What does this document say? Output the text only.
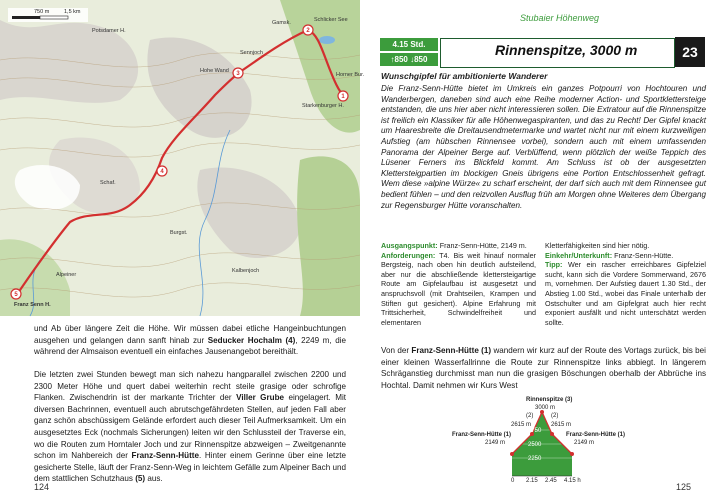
750 m	1,5 km
Gamsk.	Schlicker See
Potsdamer H.
Horner Bur.
Starkenburger H.
Hohe Wand
Sennjoch
Burgst.
Alpeiner
Kalbenjoch
Schaf.
Franz Senn H.
1
2
3
4
5
und Ab über längere Zeit die Höhe. Wir müssen dabei etliche Hangeinbuchtungen ausgehen und gelangen dann sanft hinab zur Seducker Hochalm (4), 2249 m, die während der Almsaison eventuell ein einfaches Jausenangebot bereithält.
Die letzten zwei Stunden bewegt man sich nahezu hangparallel zwischen 2200 und 2300 Meter Höhe und quert dabei weiterhin recht steile grasige oder schrofige Flanken. Zwischendrin ist der markante Trichter der Viller Grube eingelagert. Mit diversen Bachrinnen, eventuell auch abrutschgefährdeten Stellen, auf jeden Fall aber ganz schön abschüssigem Gelände erfordert auch dieser Teil Aufmerksamkeit. Um ein ausgesetztes Eck (nochmals Sicherungen) leiten wir den Schlussteil der Traverse ein, wo die Routen zum Horntaler Joch und zur Rinnenspitze abzweigen – Zweitgenannte schon im Nahbereich der Franz-Senn-Hütte. Hinter einem Gerinne über eine letzte gesicherte Stelle, läuft der Franz-Senn-Weg in leichtem Gefälle zum Alpeiner Bach und dem stattlichen Schutzhaus (5) aus.
124
Stubaier Höhenweg
4.15 Std.
↑850 ↓850
Rinnenspitze, 3000 m	23
Wunschgipfel für ambitionierte Wanderer
Die Franz-Senn-Hütte bietet im Umkreis ein ganzes Potpourri von Hochtouren und Wanderbergen, daneben sind auch eine Reihe moderner Action- und Sportklettersteige entstanden, die uns hier aber nicht interessieren sollen. Die Extratour auf die Rinnenspitze ist freilich ein Klassiker für alle Höhenwegaspiranten, und das zu Recht! Der Gipfel knackt um Haaresbreite die Dreitausendmetermarke und wartet nicht nur mit einem kurzweiligen Aufstieg (am hübschen Rinnensee vorbei), sondern auch mit einem umfassenden Panorama der Alpeiner Berge auf. Verblüffend, wenn plötzlich der weiße Teppich des Lüsener Ferners ins Blickfeld kommt. Am Schluss ist ob der ausgesetzten Klettersteigpartien im blockigen Gneis übrigens eine Portion Entschlossenheit gefragt. Wem diese »alpine Würze« zu scharf erscheint, der darf sich auch mit dem Rinnensee gut bedient fühlen – und den reizvollen Ausflug früh am Morgen ohne Weiteres dem Übergang zur Regensburger Hütte voranschalten.
Ausgangspunkt: Franz-Senn-Hütte, 2149 m.
Anforderungen: T4. Bis weit hinauf normaler Bergsteig, nach oben hin deutlich aufsteilend, aber nur die abschließende klettersteigartige Route am Gipfelaufbau ist ausgesetzt und anspruchsvoll (mit Drahtseilen, Krampen und Stiften gut gesichert). Alpine Erfahrung mit Trittsicherheit, Schwindelfreiheit und elementaren
Kletterfähigkeiten sind hier nötig.
Einkehr/Unterkunft: Franz-Senn-Hütte.
Tipp: Wer ein rascher erreichbares Gipfelziel sucht, kann sich die Vordere Sommerwand, 2676 m, vornehmen. Der Aufstieg dauert 1.30 Std., der Abstieg 1.00 Std., wobei das Finale unterhalb der Ostschulter und am Gipfelgrat auch hier recht exponiert ausfällt und nicht unterschätzt werden sollte.
Von der Franz-Senn-Hütte (1) wandern wir kurz auf der Route des Vortags zurück, bis bei einer kleinen Wasserfallrinne die Route zur Rinnenspitze links abbiegt. In längerem Schräganstieg durchmisst man nun die grasigen Böschungen oberhalb der Abbrüche ins Hochtal. Damit nehmen wir Kurs West
Rinnenspitze (3)
3000 m
(2)	(2)
2615 m	2615 m
Franz-Senn-Hütte (1)
2149 m
Franz-Senn-Hütte (1)
2149 m
2750
2500
2250
0 2.15 2.45 4.15 h
125
